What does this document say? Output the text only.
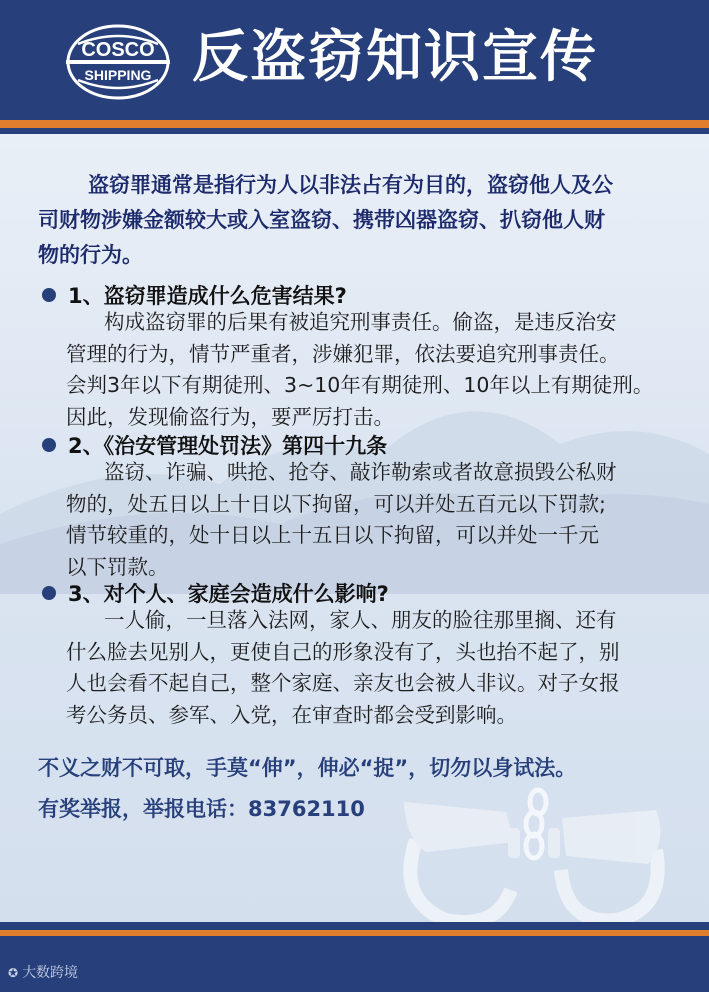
COSCO
SHIPPING 反盗窃知识宣传
盗窃罪通常是指行为人以非法占有为目的，盗窃他人及公
司财物涉嫌金额较大或入室盗窃、携带凶器盗窃、扒窃他人财
物的行为。
1、盗窃罪造成什么危害结果?
构成盗窃罪的后果有被追究刑事责任。偷盗，是违反治安
管理的行为，情节严重者，涉嫌犯罪，依法要追究刑事责任。
会判3年以下有期徒刑、3~10年有期徒刑、10年以上有期徒刑。
因此，发现偷盗行为，要严厉打击。
2、《治安管理处罚法》第四十九条
盗窃、诈骗、哄抢、抢夺、敲诈勒索或者故意损毁公私财
物的，处五日以上十日以下拘留，可以并处五百元以下罚款;
情节较重的，处十日以上十五日以下拘留，可以并处一千元
以下罚款。
3、对个人、家庭会造成什么影响?
一人偷，一旦落入法网，家人、朋友的脸往那里搁、还有
什么脸去见别人，更使自己的形象没有了，头也抬不起了，别
人也会看不起自己，整个家庭、亲友也会被人非议。对子女报
考公务员、参军、入党，在审查时都会受到影响。
不义之财不可取，手莫“伸”，伸必“捉”，切勿以身试法。
有奖举报，举报电话：83762110
✪ 大数跨境
